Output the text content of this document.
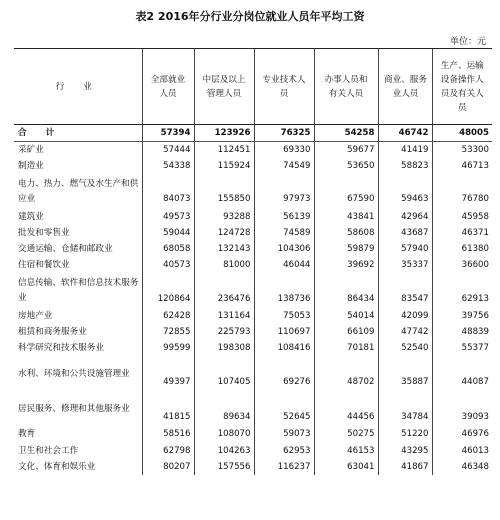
表2 2016年分行业分岗位就业人员年平均工资
单位：元
行 业	全部就业人员	中层及以上管理人员	专业技术人员	办事人员和有关人员	商业、服务业人员	生产、运输设备操作人员及有关人员
合 计	57394	123926	76325	54258	46742	48005
采矿业	57444	112451	69330	59677	41419	53300
制造业	54338	115924	74549	53650	58823	46713
电力、热力、燃气及水生产和供应业	84073	155850	97973	67590	59463	76780
建筑业	49573	93288	56139	43841	42964	45958
批发和零售业	59044	124728	74589	58608	43687	46371
交通运输、仓储和邮政业	68058	132143	104306	59879	57940	61380
住宿和餐饮业	40573	81000	46044	39692	35337	36600
信息传输、软件和信息技术服务业	120864	236476	138736	86434	83547	62913
房地产业	62428	131164	75053	54014	42099	39756
租赁和商务服务业	72855	225793	110697	66109	47742	48839
科学研究和技术服务业	99599	198308	108416	70181	52540	55377
水利、环境和公共设施管理业	49397	107405	69276	48702	35887	44087
居民服务、修理和其他服务业	41815	89634	52645	44456	34784	39093
教育	58516	108070	59073	50275	51220	46976
卫生和社会工作	62798	104263	62953	46153	43295	46013
文化、体育和娱乐业	80207	157556	116237	63041	41867	46348
